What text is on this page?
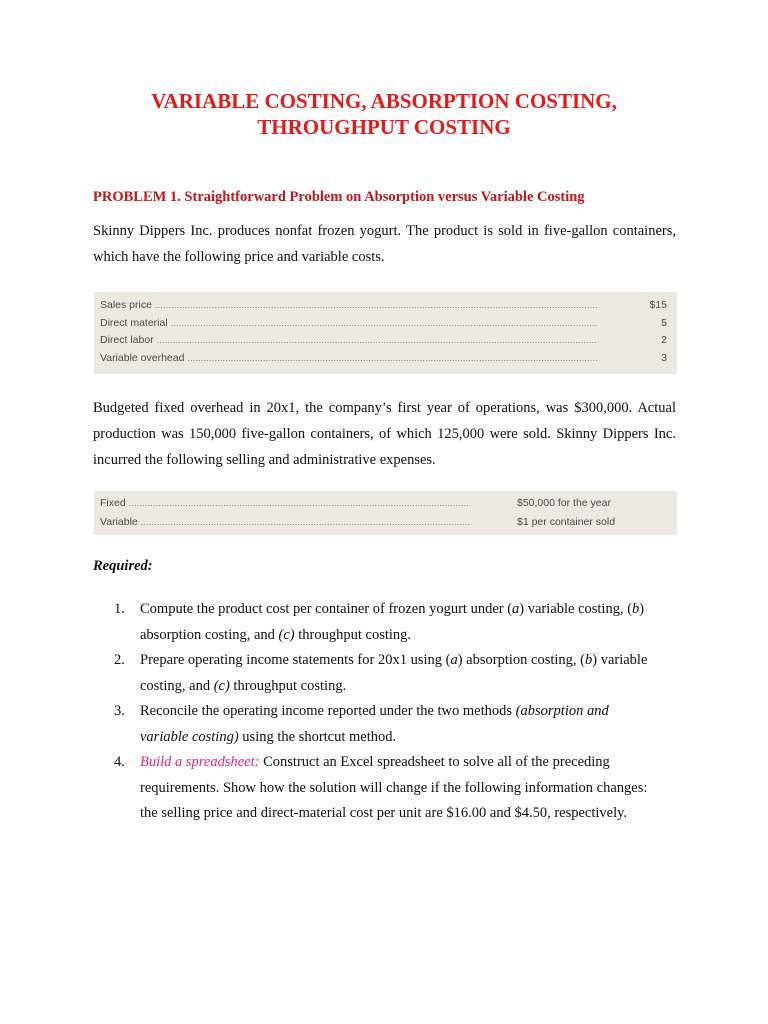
VARIABLE COSTING, ABSORPTION COSTING,
THROUGHPUT COSTING
PROBLEM 1. Straightforward Problem on Absorption versus Variable Costing
Skinny Dippers Inc. produces nonfat frozen yogurt. The product is sold in five-gallon containers, which have the following price and variable costs.
Sales price .....	$15
Direct material .....	5
Direct labor .....	2
Variable overhead .....	3
Budgeted fixed overhead in 20x1, the company’s first year of operations, was $300,000. Actual production was 150,000 five-gallon containers, of which 125,000 were sold. Skinny Dippers Inc. incurred the following selling and administrative expenses.
Fixed .....	$50,000 for the year
Variable .....	$1 per container sold
Required:
1. Compute the product cost per container of frozen yogurt under (a) variable costing, (b) absorption costing, and (c) throughput costing.
2. Prepare operating income statements for 20x1 using (a) absorption costing, (b) variable costing, and (c) throughput costing.
3. Reconcile the operating income reported under the two methods (absorption and variable costing) using the shortcut method.
4. Build a spreadsheet: Construct an Excel spreadsheet to solve all of the preceding requirements. Show how the solution will change if the following information changes: the selling price and direct-material cost per unit are $16.00 and $4.50, respectively.
